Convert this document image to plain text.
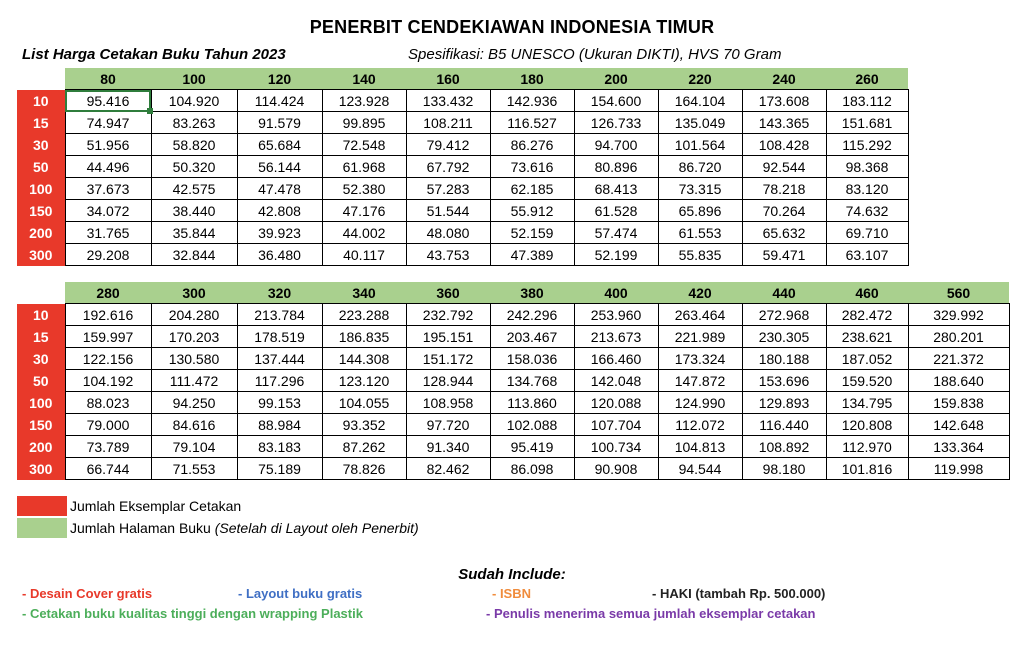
PENERBIT CENDEKIAWAN INDONESIA TIMUR
List Harga Cetakan Buku Tahun 2023	Spesifikasi: B5 UNESCO (Ukuran DIKTI), HVS 70 Gram
	80	100	120	140	160	180	200	220	240	260
10	95.416	104.920	114.424	123.928	133.432	142.936	154.600	164.104	173.608	183.112
15	74.947	83.263	91.579	99.895	108.211	116.527	126.733	135.049	143.365	151.681
30	51.956	58.820	65.684	72.548	79.412	86.276	94.700	101.564	108.428	115.292
50	44.496	50.320	56.144	61.968	67.792	73.616	80.896	86.720	92.544	98.368
100	37.673	42.575	47.478	52.380	57.283	62.185	68.413	73.315	78.218	83.120
150	34.072	38.440	42.808	47.176	51.544	55.912	61.528	65.896	70.264	74.632
200	31.765	35.844	39.923	44.002	48.080	52.159	57.474	61.553	65.632	69.710
300	29.208	32.844	36.480	40.117	43.753	47.389	52.199	55.835	59.471	63.107
	280	300	320	340	360	380	400	420	440	460	560
10	192.616	204.280	213.784	223.288	232.792	242.296	253.960	263.464	272.968	282.472	329.992
15	159.997	170.203	178.519	186.835	195.151	203.467	213.673	221.989	230.305	238.621	280.201
30	122.156	130.580	137.444	144.308	151.172	158.036	166.460	173.324	180.188	187.052	221.372
50	104.192	111.472	117.296	123.120	128.944	134.768	142.048	147.872	153.696	159.520	188.640
100	88.023	94.250	99.153	104.055	108.958	113.860	120.088	124.990	129.893	134.795	159.838
150	79.000	84.616	88.984	93.352	97.720	102.088	107.704	112.072	116.440	120.808	142.648
200	73.789	79.104	83.183	87.262	91.340	95.419	100.734	104.813	108.892	112.970	133.364
300	66.744	71.553	75.189	78.826	82.462	86.098	90.908	94.544	98.180	101.816	119.998
Jumlah Eksemplar Cetakan
Jumlah Halaman Buku (Setelah di Layout oleh Penerbit)
Sudah Include:
- Desain Cover gratis	- Layout buku gratis	- ISBN	- HAKI (tambah Rp. 500.000)
- Cetakan buku kualitas tinggi dengan wrapping Plastik	- Penulis menerima semua jumlah eksemplar cetakan
